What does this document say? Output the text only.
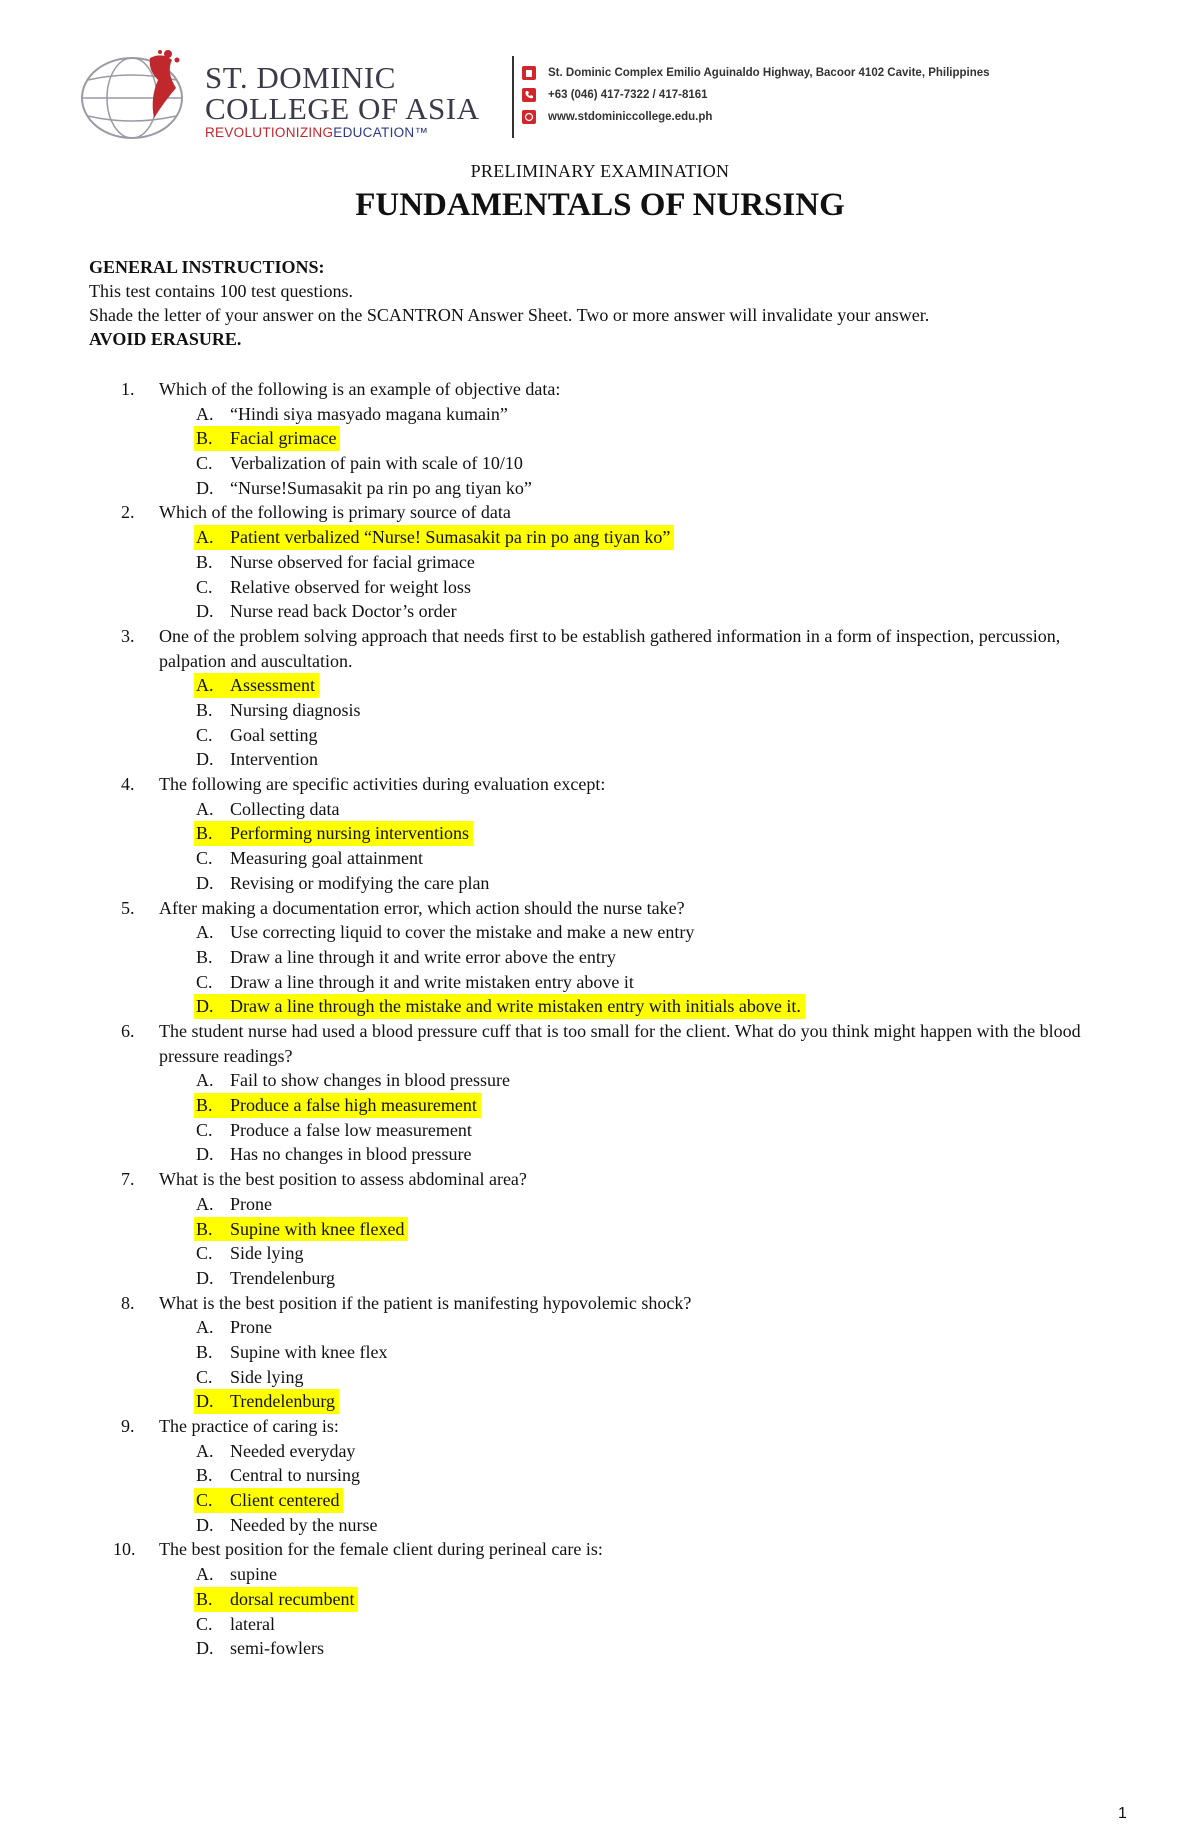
ST. DOMINIC
COLLEGE OF ASIA
REVOLUTIONIZINGEDUCATION™
St. Dominic Complex Emilio Aguinaldo Highway, Bacoor 4102 Cavite, Philippines
+63 (046) 417-7322 / 417-8161
www.stdominiccollege.edu.ph
PRELIMINARY EXAMINATION
FUNDAMENTALS OF NURSING
GENERAL INSTRUCTIONS:
This test contains 100 test questions.
Shade the letter of your answer on the SCANTRON Answer Sheet. Two or more answer will invalidate your answer.
AVOID ERASURE.
1. Which of the following is an example of objective data:
A. “Hindi siya masyado magana kumain”
B. Facial grimace
C. Verbalization of pain with scale of 10/10
D. “Nurse!Sumasakit pa rin po ang tiyan ko”
2. Which of the following is primary source of data
A. Patient verbalized “Nurse! Sumasakit pa rin po ang tiyan ko”
B. Nurse observed for facial grimace
C. Relative observed for weight loss
D. Nurse read back Doctor’s order
3. One of the problem solving approach that needs first to be establish gathered information in a form of inspection, percussion, palpation and auscultation.
A. Assessment
B. Nursing diagnosis
C. Goal setting
D. Intervention
4. The following are specific activities during evaluation except:
A. Collecting data
B. Performing nursing interventions
C. Measuring goal attainment
D. Revising or modifying the care plan
5. After making a documentation error, which action should the nurse take?
A. Use correcting liquid to cover the mistake and make a new entry
B. Draw a line through it and write error above the entry
C. Draw a line through it and write mistaken entry above it
D. Draw a line through the mistake and write mistaken entry with initials above it.
6. The student nurse had used a blood pressure cuff that is too small for the client. What do you think might happen with the blood pressure readings?
A. Fail to show changes in blood pressure
B. Produce a false high measurement
C. Produce a false low measurement
D. Has no changes in blood pressure
7. What is the best position to assess abdominal area?
A. Prone
B. Supine with knee flexed
C. Side lying
D. Trendelenburg
8. What is the best position if the patient is manifesting hypovolemic shock?
A. Prone
B. Supine with knee flex
C. Side lying
D. Trendelenburg
9. The practice of caring is:
A. Needed everyday
B. Central to nursing
C. Client centered
D. Needed by the nurse
10. The best position for the female client during perineal care is:
A. supine
B. dorsal recumbent
C. lateral
D. semi-fowlers
1
